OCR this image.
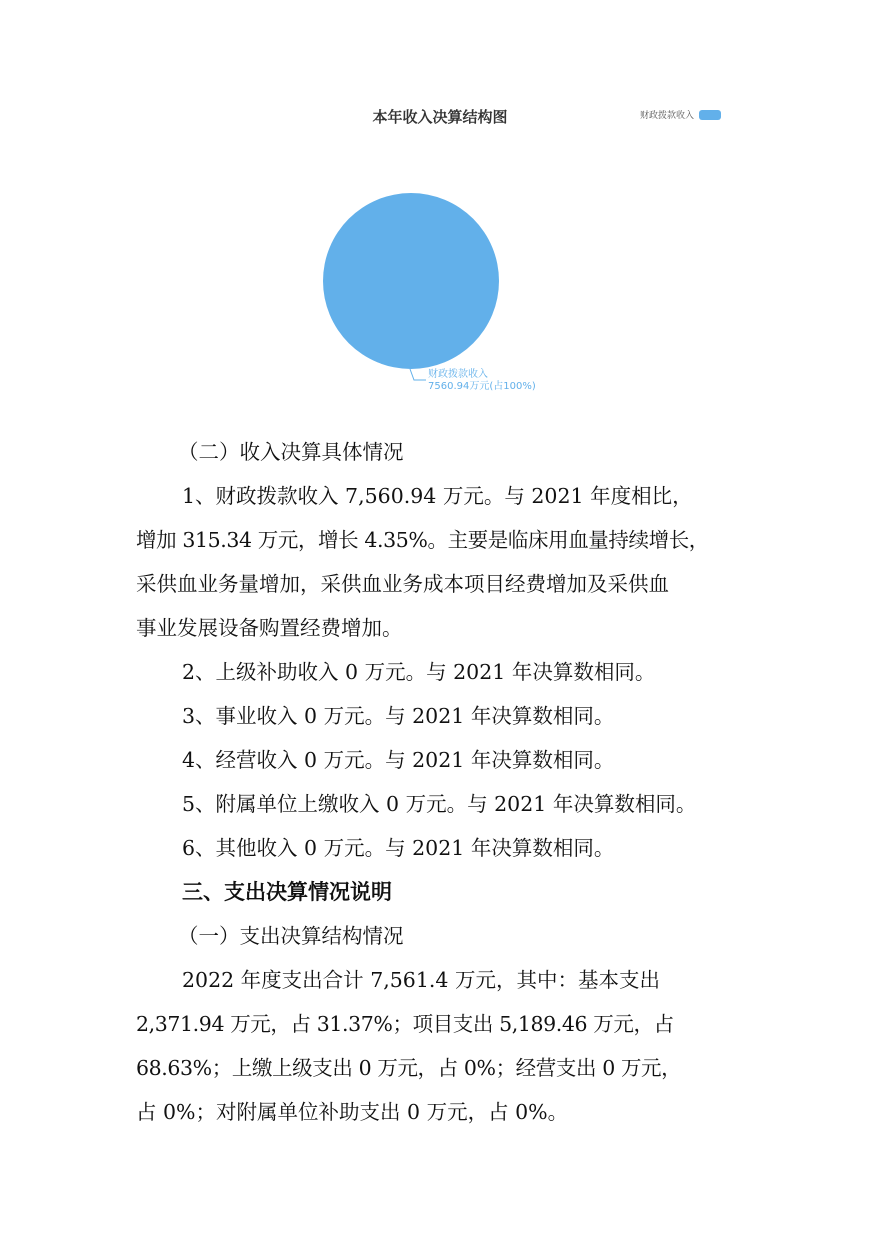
本年收入决算结构图	财政拨款收入
财政拨款收入
7560.94万元(占100%)
（二）收入决算具体情况
1、财政拨款收入 7,560.94 万元。与 2021 年度相比，
增加 315.34 万元，增长 4.35%。主要是临床用血量持续增长，
采供血业务量增加，采供血业务成本项目经费增加及采供血
事业发展设备购置经费增加。
2、上级补助收入 0 万元。与 2021 年决算数相同。
3、事业收入 0 万元。与 2021 年决算数相同。
4、经营收入 0 万元。与 2021 年决算数相同。
5、附属单位上缴收入 0 万元。与 2021 年决算数相同。
6、其他收入 0 万元。与 2021 年决算数相同。
三、支出决算情况说明
（一）支出决算结构情况
2022 年度支出合计 7,561.4 万元，其中：基本支出
2,371.94 万元，占 31.37%；项目支出 5,189.46 万元，占
68.63%；上缴上级支出 0 万元，占 0%；经营支出 0 万元，
占 0%；对附属单位补助支出 0 万元，占 0%。
